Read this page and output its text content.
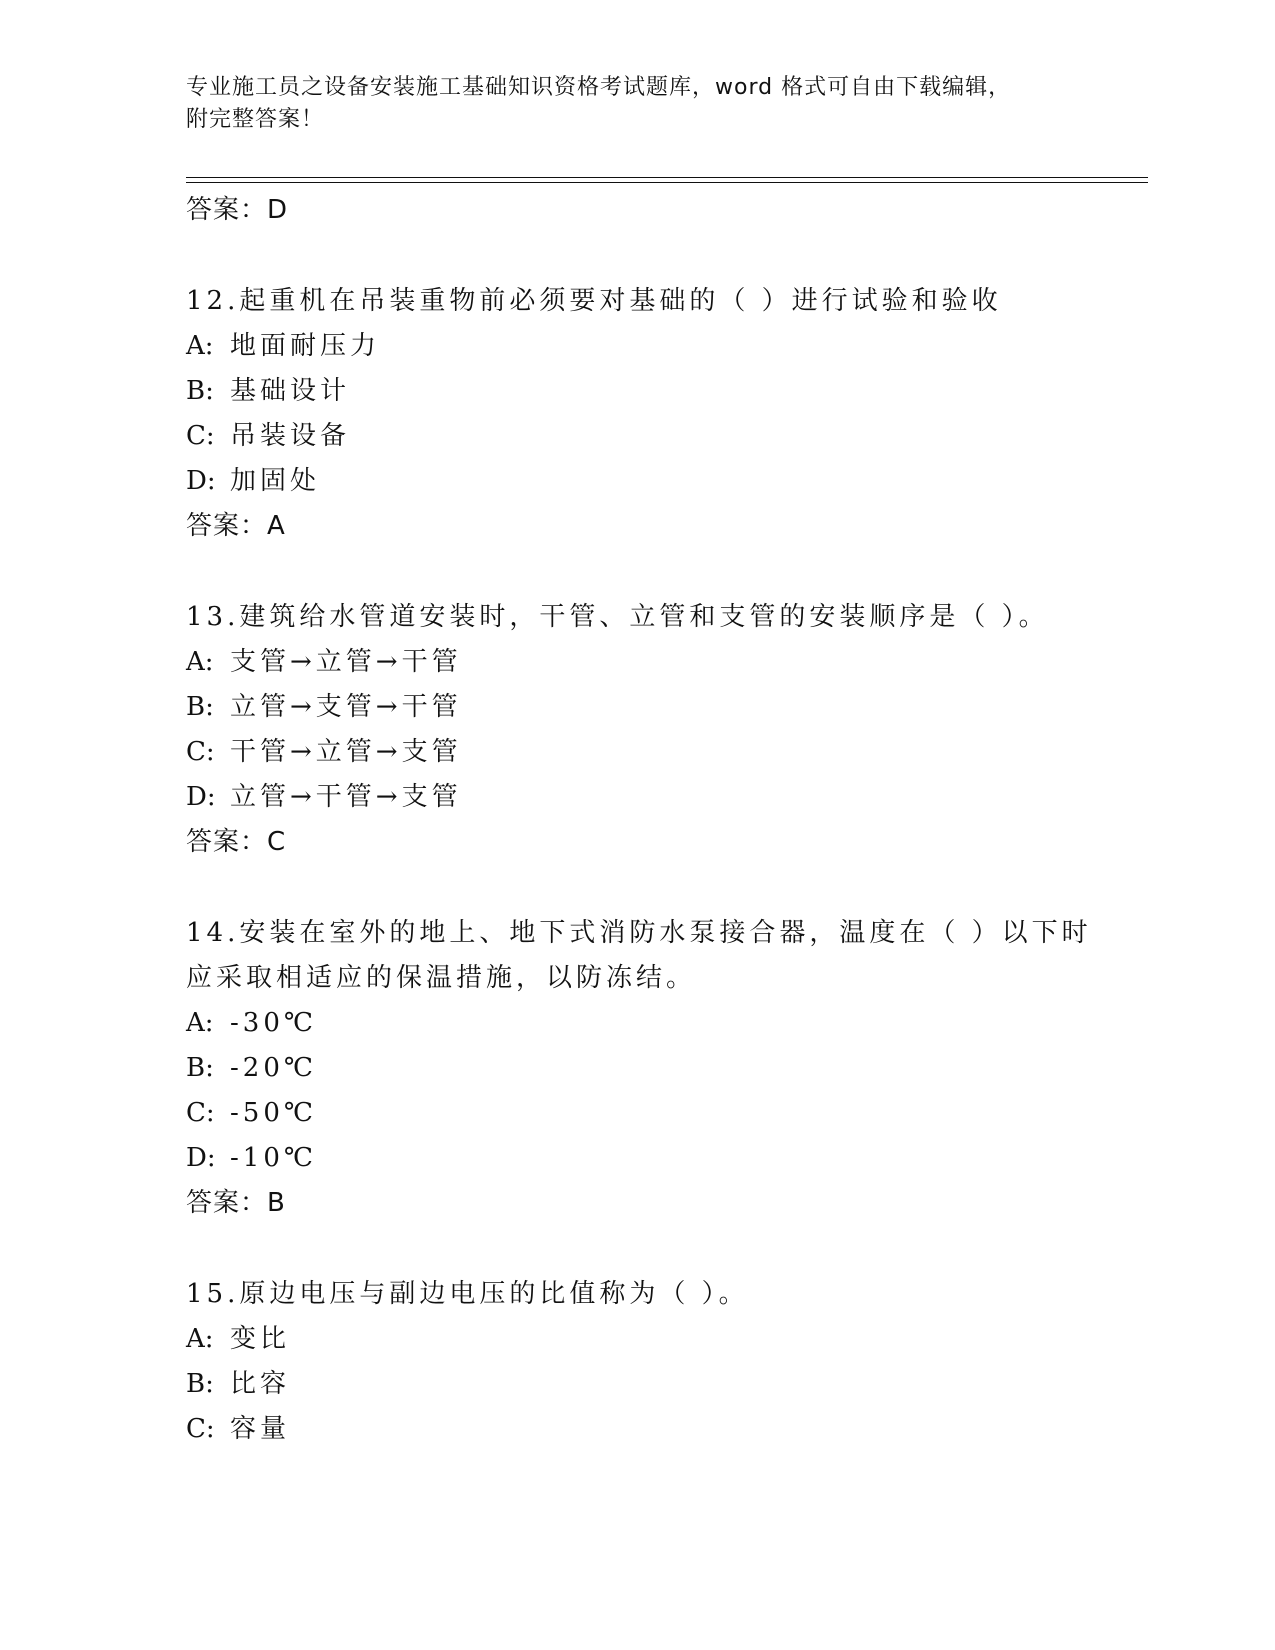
专业施工员之设备安装施工基础知识资格考试题库，word 格式可自由下载编辑，
附完整答案！
答案：D
12.起重机在吊装重物前必须要对基础的（ ）进行试验和验收
A: 地面耐压力
B: 基础设计
C: 吊装设备
D: 加固处
答案：A
13.建筑给水管道安装时，干管、立管和支管的安装顺序是（ ）。
A: 支管→立管→干管
B: 立管→支管→干管
C: 干管→立管→支管
D: 立管→干管→支管
答案：C
14.安装在室外的地上、地下式消防水泵接合器，温度在（ ）以下时
应采取相适应的保温措施，以防冻结。
A: -30℃
B: -20℃
C: -50℃
D: -10℃
答案：B
15.原边电压与副边电压的比值称为（ ）。
A: 变比
B: 比容
C: 容量
